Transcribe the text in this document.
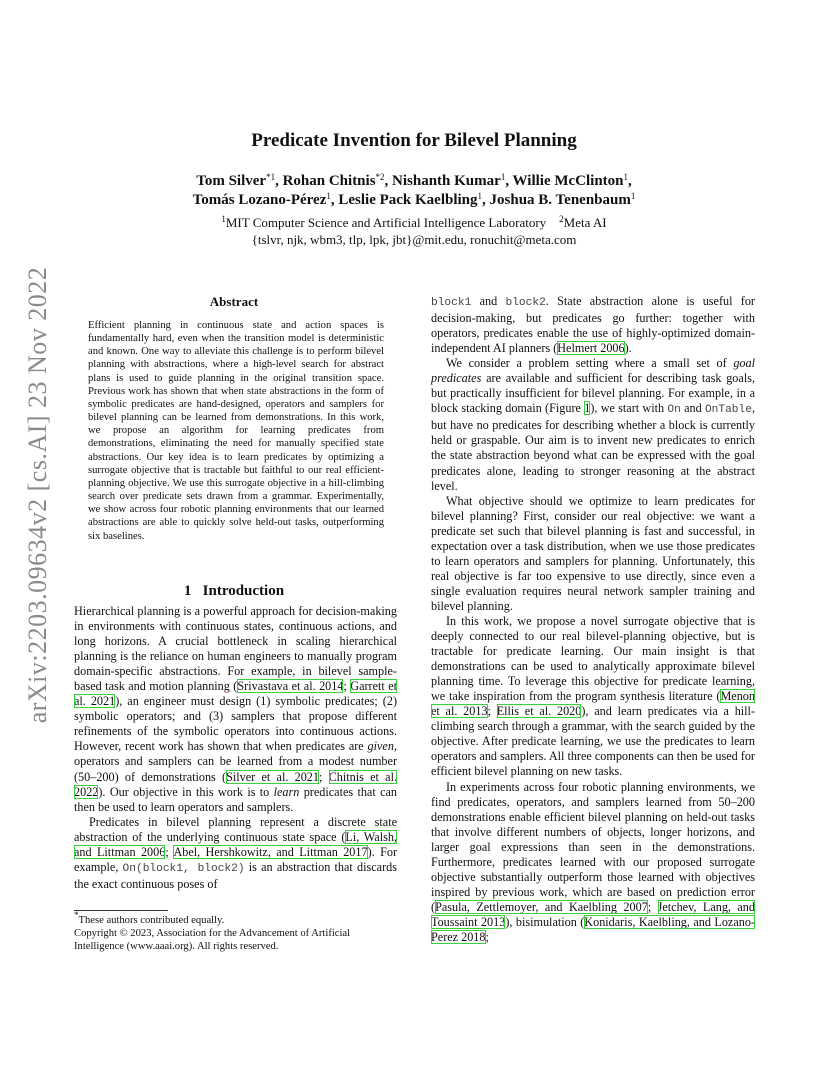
arXiv:2203.09634v2 [cs.AI] 23 Nov 2022
Predicate Invention for Bilevel Planning
Tom Silver$^{*1}$, Rohan Chitnis$^{*2}$, Nishanth Kumar$^1$, Willie McClinton$^1$,
Tomás Lozano-Pérez$^1$, Leslie Pack Kaelbling$^1$, Joshua B. Tenenbaum$^1$
$^1$MIT Computer Science and Artificial Intelligence Laboratory $^2$Meta AI
{tslvr, njk, wbm3, tlp, lpk, jbt}@mit.edu, ronuchit@meta.com
Abstract
Efficient planning in continuous state and action spaces is fundamentally hard, even when the transition model is deterministic and known. One way to alleviate this challenge is to perform bilevel planning with abstractions, where a high-level search for abstract plans is used to guide planning in the original transition space. Previous work has shown that when state abstractions in the form of symbolic predicates are hand-designed, operators and samplers for bilevel planning can be learned from demonstrations. In this work, we propose an algorithm for learning predicates from demonstrations, eliminating the need for manually specified state abstractions. Our key idea is to learn predicates by optimizing a surrogate objective that is tractable but faithful to our real efficient-planning objective. We use this surrogate objective in a hill-climbing search over predicate sets drawn from a grammar. Experimentally, we show across four robotic planning environments that our learned abstractions are able to quickly solve held-out tasks, outperforming six baselines.
1 Introduction

Hierarchical planning is a powerful approach for decision-making in environments with continuous states, continuous actions, and long horizons. A crucial bottleneck in scaling hierarchical planning is the reliance on human engineers to manually program domain-specific abstractions. For example, in bilevel sample-based task and motion planning (Srivastava et al. 2014; Garrett et al. 2021), an engineer must design (1) symbolic predicates; (2) symbolic operators; and (3) samplers that propose different refinements of the symbolic operators into continuous actions. However, recent work has shown that when predicates are given, operators and samplers can be learned from a modest number (50–200) of demonstrations (Silver et al. 2021; Chitnis et al. 2022). Our objective in this work is to learn predicates that can then be used to learn operators and samplers.

Predicates in bilevel planning represent a discrete state abstraction of the underlying continuous state space (Li, Walsh, and Littman 2006; Abel, Hershkowitz, and Littman 2017). For example, On(block1, block2) is an abstraction that discards the exact continuous poses of

*These authors contributed equally.
Copyright © 2023, Association for the Advancement of Artificial Intelligence (www.aaai.org). All rights reserved.

block1 and block2. State abstraction alone is useful for decision-making, but predicates go further: together with operators, predicates enable the use of highly-optimized domain-independent AI planners (Helmert 2006).

We consider a problem setting where a small set of goal predicates are available and sufficient for describing task goals, but practically insufficient for bilevel planning. For example, in a block stacking domain (Figure 1), we start with On and OnTable, but have no predicates for describing whether a block is currently held or graspable. Our aim is to invent new predicates to enrich the state abstraction beyond what can be expressed with the goal predicates alone, leading to stronger reasoning at the abstract level.

What objective should we optimize to learn predicates for bilevel planning? First, consider our real objective: we want a predicate set such that bilevel planning is fast and successful, in expectation over a task distribution, when we use those predicates to learn operators and samplers for planning. Unfortunately, this real objective is far too expensive to use directly, since even a single evaluation requires neural network sampler training and bilevel planning.

In this work, we propose a novel surrogate objective that is deeply connected to our real bilevel-planning objective, but is tractable for predicate learning. Our main insight is that demonstrations can be used to analytically approximate bilevel planning time. To leverage this objective for predicate learning, we take inspiration from the program synthesis literature (Menon et al. 2013; Ellis et al. 2020), and learn predicates via a hill-climbing search through a grammar, with the search guided by the objective. After predicate learning, we use the predicates to learn operators and samplers. All three components can then be used for efficient bilevel planning on new tasks.

In experiments across four robotic planning environments, we find predicates, operators, and samplers learned from 50–200 demonstrations enable efficient bilevel planning on held-out tasks that involve different numbers of objects, longer horizons, and larger goal expressions than seen in the demonstrations. Furthermore, predicates learned with our proposed surrogate objective substantially outperform those learned with objectives inspired by previous work, which are based on prediction error (Pasula, Zettlemoyer, and Kaelbling 2007; Jetchev, Lang, and Toussaint 2013), bisimulation (Konidaris, Kaelbling, and Lozano-Perez 2018;
